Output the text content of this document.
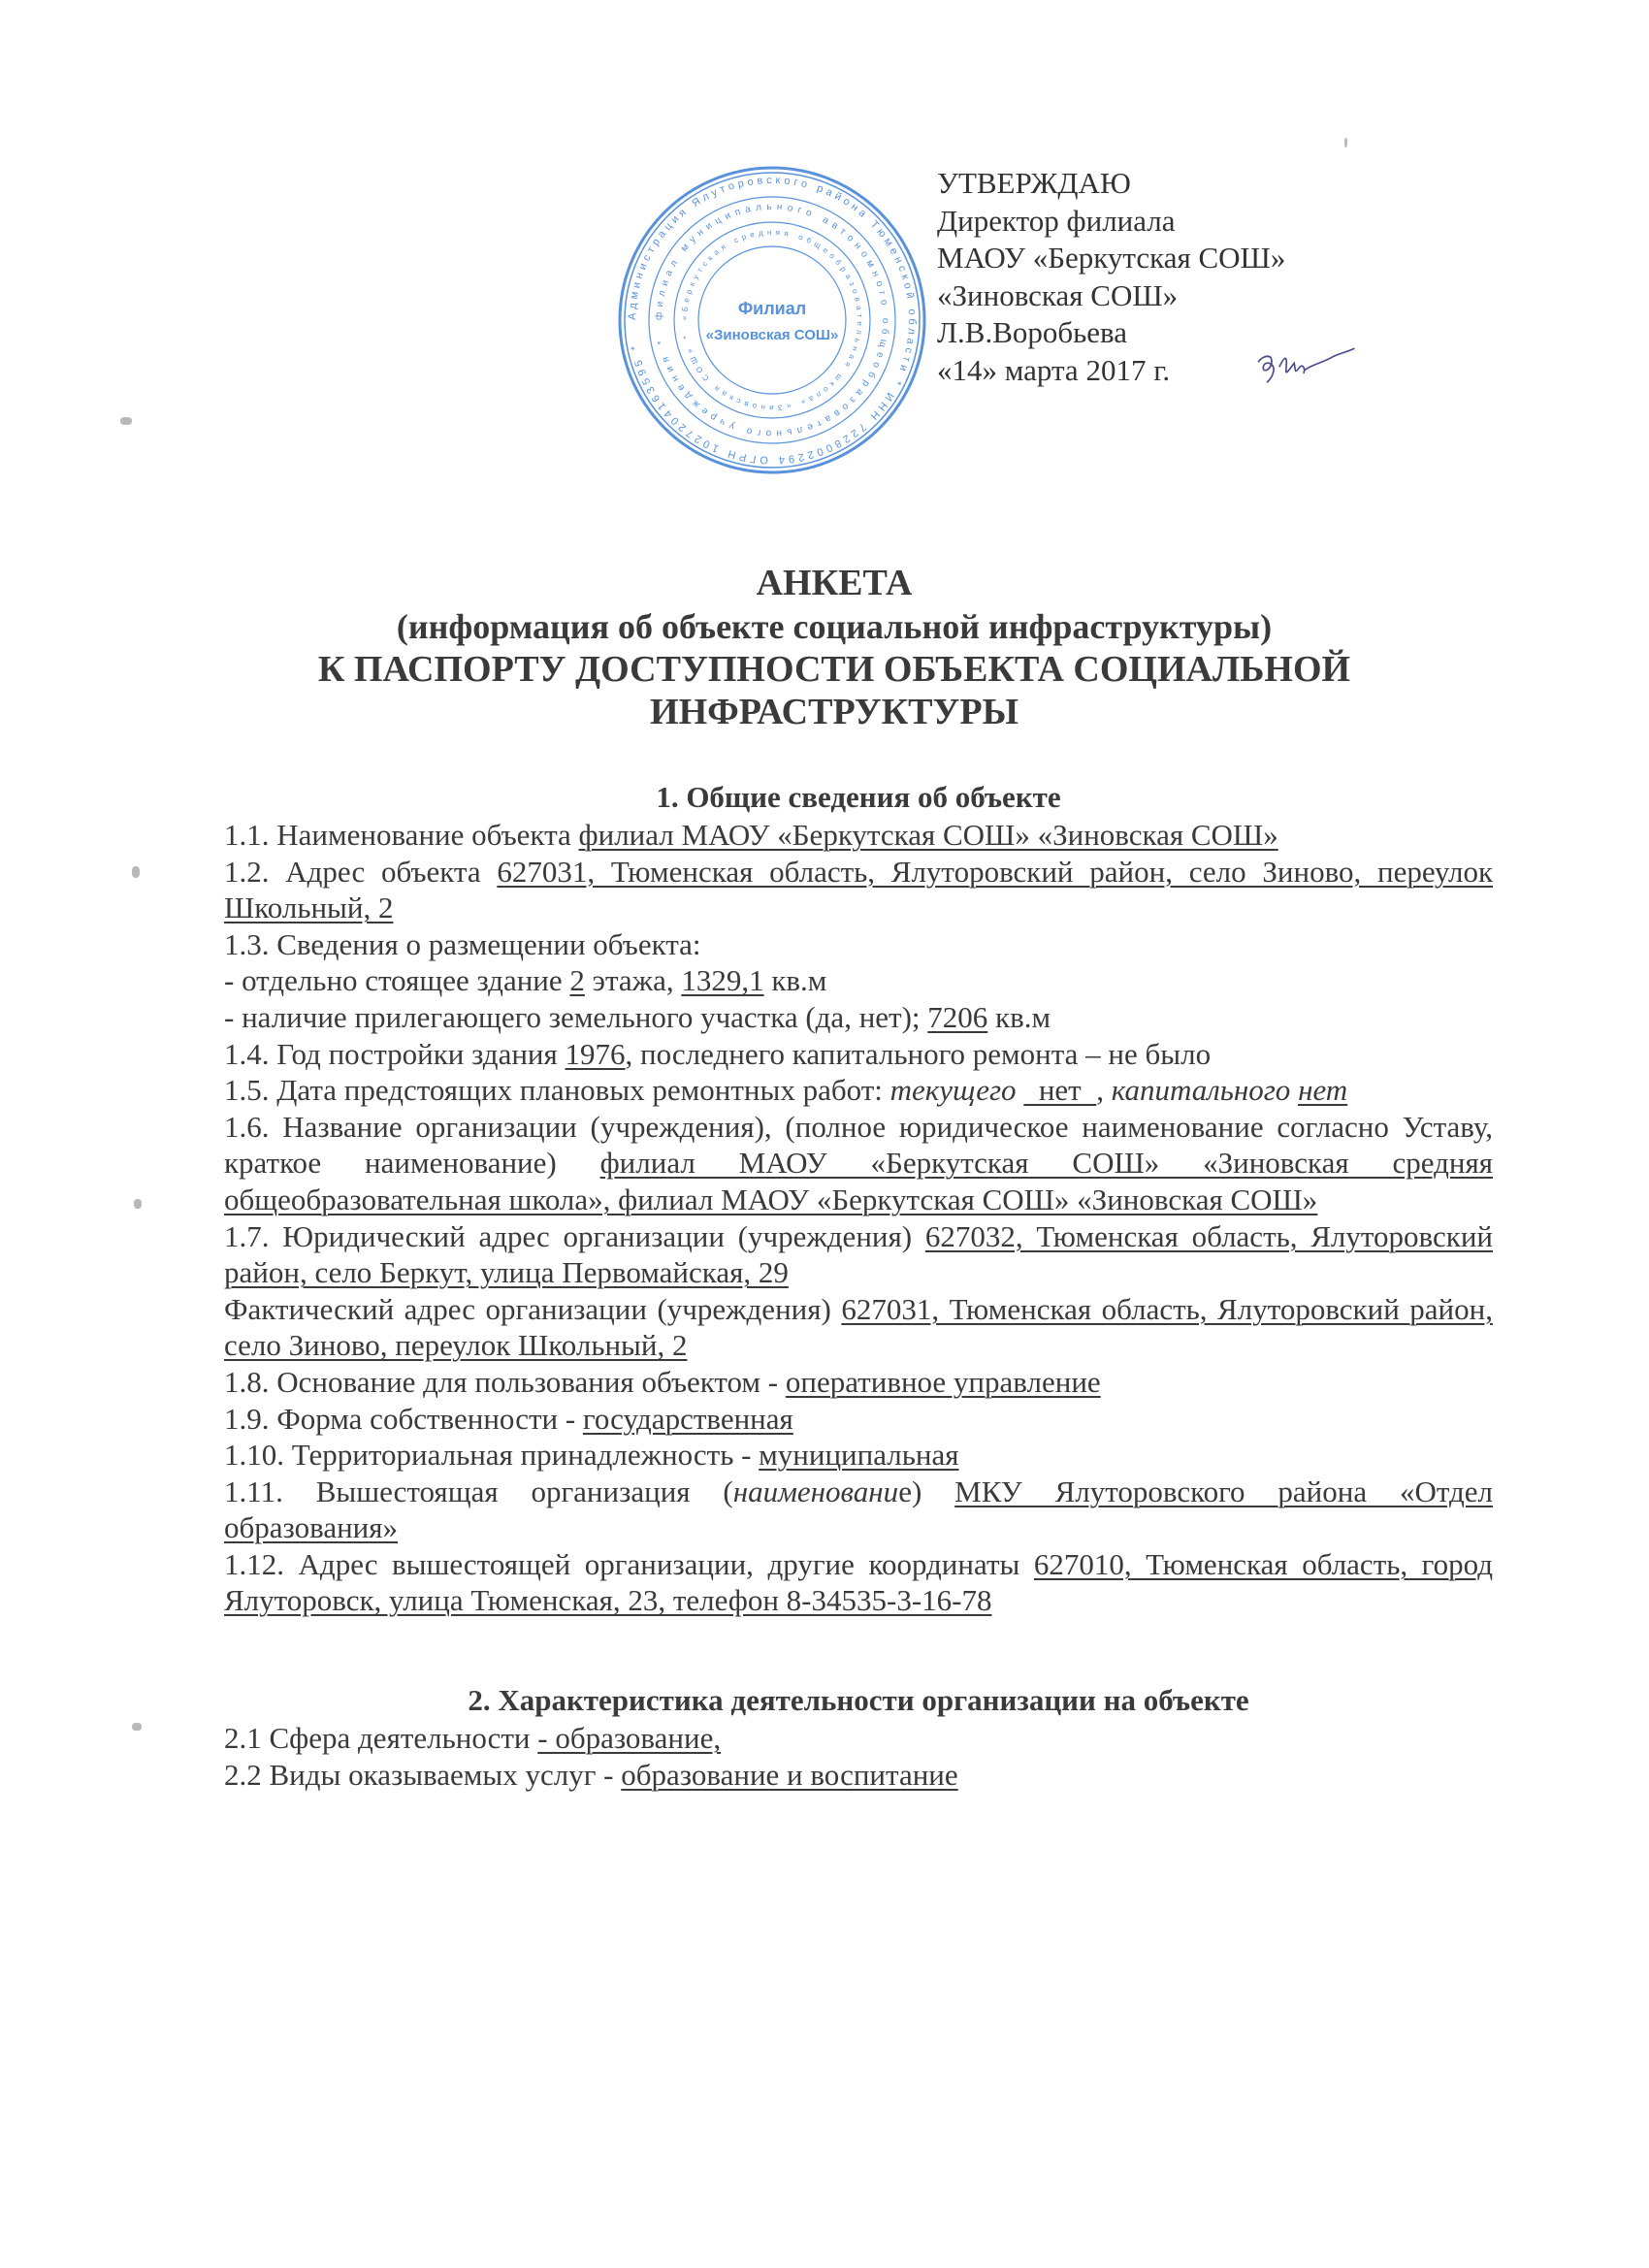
Администрация Ялуторовского района Тюменской области * ИНН 7228002294 ОГРН 1027204163595 *
филиал муниципального автономного общеобразовательного учреждения *
«Беркутская средняя общеобразовательная школа» «Зиновская СОШ» *
Филиал
«Зиновская СОШ»
УТВЕРЖДАЮ
Директор филиала
МАОУ «Беркутская СОШ»
«Зиновская СОШ»
Л.В.Воробьева
«14» марта 2017 г.
АНКЕТА
(информация об объекте социальной инфраструктуры)
К ПАСПОРТУ ДОСТУПНОСТИ ОБЪЕКТА СОЦИАЛЬНОЙ
ИНФРАСТРУКТУРЫ
1. Общие сведения об объекте
1.1. Наименование объекта филиал МАОУ «Беркутская СОШ» «Зиновская СОШ»
1.2. Адрес объекта 627031, Тюменская область, Ялуторовский район, село Зиново, переулок Школьный, 2
1.3. Сведения о размещении объекта:
- отдельно стоящее здание 2 этажа, 1329,1 кв.м
- наличие прилегающего земельного участка (да, нет); 7206 кв.м
1.4. Год постройки здания 1976, последнего капитального ремонта – не было
1.5. Дата предстоящих плановых ремонтных работ: текущего   нет  , капитального нет
1.6. Название организации (учреждения), (полное юридическое наименование согласно Уставу, краткое наименование) филиал МАОУ «Беркутская СОШ» «Зиновская средняя общеобразовательная школа», филиал МАОУ «Беркутская СОШ» «Зиновская СОШ»
1.7. Юридический адрес организации (учреждения) 627032, Тюменская область, Ялуторовский район, село Беркут, улица Первомайская, 29
Фактический адрес организации (учреждения) 627031, Тюменская область, Ялуторовский район, село Зиново, переулок Школьный, 2
1.8. Основание для пользования объектом - оперативное управление
1.9. Форма собственности - государственная
1.10. Территориальная принадлежность - муниципальная
1.11. Вышестоящая организация (наименование) МКУ Ялуторовского района «Отдел образования»
1.12. Адрес вышестоящей организации, другие координаты 627010, Тюменская область, город Ялуторовск, улица Тюменская, 23, телефон 8-34535-3-16-78
2. Характеристика деятельности организации на объекте
2.1 Сфера деятельности - образование,
2.2 Виды оказываемых услуг - образование и воспитание
